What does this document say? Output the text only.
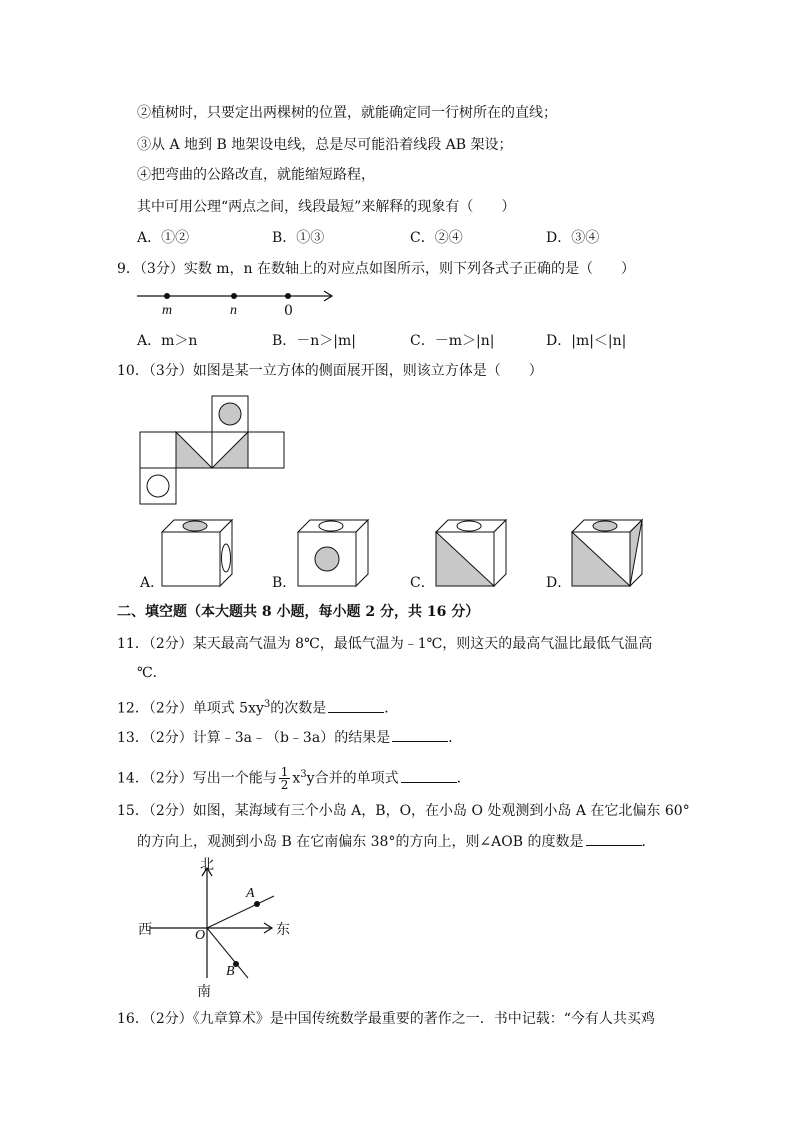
②植树时，只要定出两棵树的位置，就能确定同一行树所在的直线；
③从 A 地到 B 地架设电线，总是尽可能沿着线段 AB 架设；
④把弯曲的公路改直，就能缩短路程，
其中可用公理“两点之间，线段最短”来解释的现象有（　　）
A．①②	B．①③	C．②④	D．③④
9．（3分）实数 m，n 在数轴上的对应点如图所示，则下列各式子正确的是（　　）
m	n	0
A．m＞n	B．－n＞|m|	C．－m＞|n|	D．|m|＜|n|
10．（3分）如图是某一立方体的侧面展开图，则该立方体是（　　）
A．	B．	C．	D．
二、填空题（本大题共 8 小题，每小题 2 分，共 16 分）
11．（2分）某天最高气温为 8℃，最低气温为﹣1℃，则这天的最高气温比最低气温高
℃．
12．（2分）单项式 $5xy^3$的次数是	．
13．（2分）计算﹣3a﹣（b﹣3a）的结果是	．
14．（2分）写出一个能与 $\frac{1}{2} x^3y$合并的单项式	．
15．（2分）如图，某海域有三个小岛 A，B，O，在小岛 O 处观测到小岛 A 在它北偏东 60°
的方向上，观测到小岛 B 在它南偏东 38°的方向上，则∠AOB 的度数是	．
北
西	东
南
O
A
B
16．（2分）《九章算术》是中国传统数学最重要的著作之一．书中记载：“今有人共买鸡
